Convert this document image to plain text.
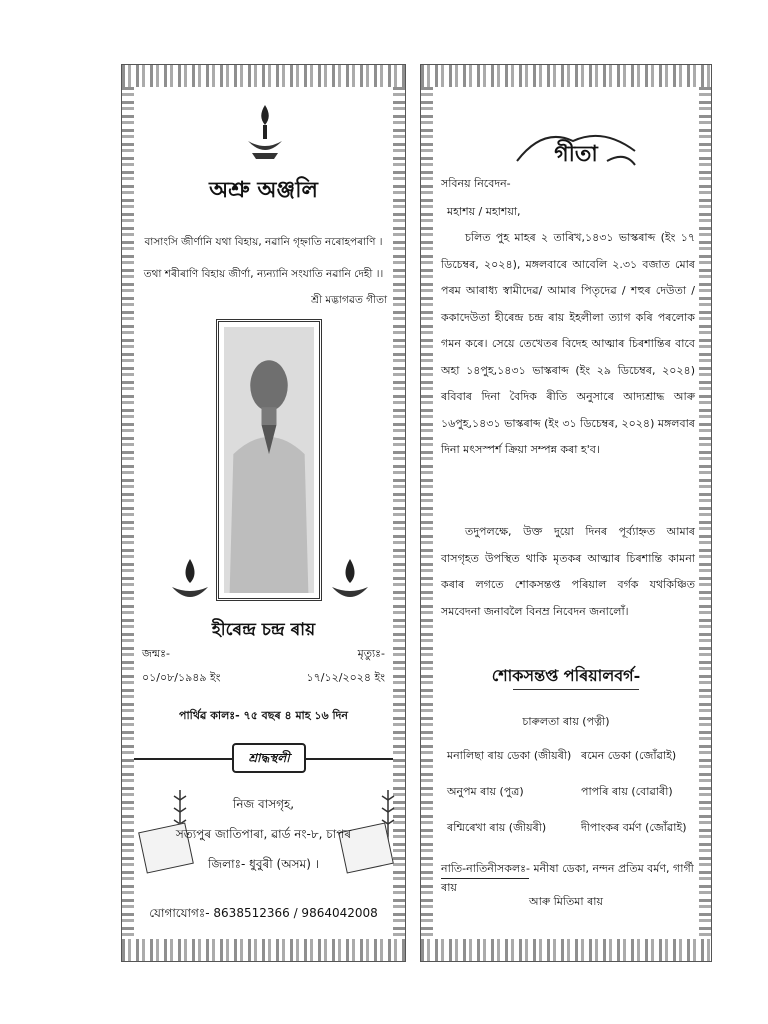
অশ্ৰু অঞ্জলি
বাসাংসি জীৰ্ণানি যথা বিহায়, নৱানি গৃহ্নাতি নৰোহপৰাণি ।
তথা শৰীৰাণি বিহায় জীৰ্ণা, ন্যন্যানি সংযাতি নৱানি দেহী ।।
শ্ৰী মদ্ভাগৱত গীতা
হীৰেন্দ্ৰ চন্দ্ৰ ৰায়
জন্মঃ-
০১/০৮/১৯৪৯ ইং
মৃত্যুঃ-
১৭/১২/২০২৪ ইং
পাৰ্থিৱ কালঃ- ৭৫ বছৰ ৪ মাহ ১৬ দিন
শ্ৰাদ্ধস্থলী
নিজ বাসগৃহ,
সত্যপুৰ জাতিপাৰা, ৱাৰ্ড নং-৮, চাপৰ
জিলাঃ- ধুবুৰী (অসম) ।
যোগাযোগঃ- 8638512366 / 9864042008
গীতা
সবিনয় নিবেদন-
মহাশয় / মহাশয়া,
চলিত পুহ মাহৰ ২ তাৰিখ,১৪৩১ ভাস্কৰাব্দ (ইং ১৭ ডিচেম্বৰ, ২০২৪), মঙ্গলবাৰে আবেলি ২.৩১ বজাত মোৰ পৰম আৰাধ্য স্বামীদেৱ/ আমাৰ পিতৃদেৱ / শহুৰ দেউতা / ককাদেউতা হীৰেন্দ্ৰ চন্দ্ৰ ৰায় ইহলীলা ত্যাগ কৰি পৰলোক গমন কৰে। সেয়ে তেখেতৰ বিদেহ আত্মাৰ চিৰশান্তিৰ বাবে অহা ১৪পুহ,১৪৩১ ভাস্কৰাব্দ (ইং ২৯ ডিচেম্বৰ, ২০২৪) ৰবিবাৰ দিনা বৈদিক ৰীতি অনুসাৰে আদ্যশ্ৰাদ্ধ আৰু ১৬পুহ,১৪৩১ ভাস্কৰাব্দ (ইং ৩১ ডিচেম্বৰ, ২০২৪) মঙ্গলবাৰ দিনা মৎসস্পৰ্শ ক্ৰিয়া সম্পন্ন কৰা হ'ব।
তদুপলক্ষে, উক্ত দুয়ো দিনৰ পূৰ্ব্যাহ্নত আমাৰ বাসগৃহত উপস্থিত থাকি মৃতকৰ আত্মাৰ চিৰশান্তি কামনা কৰাৰ লগতে শোকসন্তপ্ত পৰিয়াল বৰ্গক যথকিঞ্চিত সমবেদনা জনাবলৈ বিনম্ৰ নিবেদন জনালোঁ।
শোকসন্তপ্ত পৰিয়ালবৰ্গ-
চাৰুলতা ৰায় (পত্নী)
মনালিছা ৰায় ডেকা (জীয়ৰী) ৰমেন ডেকা (জোঁৱাই)
অনুপম ৰায় (পুত্ৰ)	পাপৰি ৰায় (বোৱাৰী)
ৰশ্মিৰেখা ৰায় (জীয়ৰী)	দীপাংকৰ বৰ্মণ (জোঁৱাই)
নাতি-নাতিনীসকলঃ- মনীষা ডেকা, নন্দন প্ৰতিম বৰ্মণ, গাৰ্গী ৰায়
আৰু মিতিমা ৰায়
